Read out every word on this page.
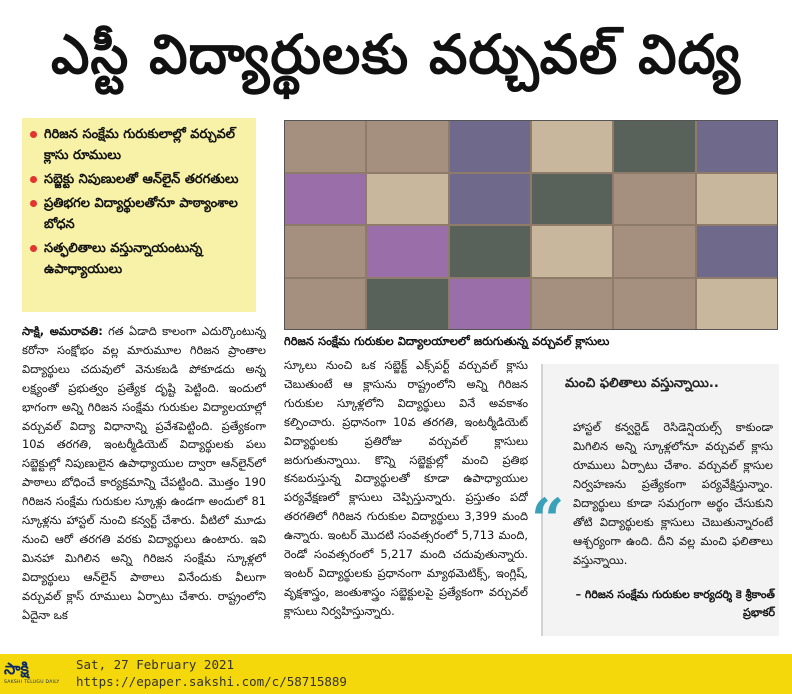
ఎస్టీ విద్యార్థులకు వర్చువల్ విద్య
గిరిజన సంక్షేమ గురుకులాల్లో వర్చువల్ క్లాసు రూములు
సబ్జెక్టు నిపుణులతో ఆన్‌లైన్ తరగతులు
ప్రతిభగల విద్యార్థులతోనూ పాఠ్యాంశాల బోధన
సత్ఫలితాలు వస్తున్నాయంటున్న ఉపాధ్యాయులు
గిరిజన సంక్షేమ గురుకుల విద్యాలయాలలో జరుగుతున్న వర్చువల్ క్లాసులు
సాక్షి, అమరావతి: గత ఏడాది కాలంగా ఎదుర్కొంటున్న కరోనా సంక్షోభం వల్ల మారుమూల గిరిజన ప్రాంతాల విద్యార్థులు చదువులో వెనుకబడి పోకూడదు అన్న లక్ష్యంతో ప్రభుత్వం ప్రత్యేక దృష్టి పెట్టింది. ఇందులో భాగంగా అన్ని గిరిజన సంక్షేమ గురుకుల విద్యాలయాల్లో వర్చువల్ విద్యా విధానాన్ని ప్రవేశపెట్టింది. ప్రత్యేకంగా 10వ తరగతి, ఇంటర్మీడియెట్ విద్యార్థులకు పలు సబ్జెక్టుల్లో నిపుణులైన ఉపాధ్యాయుల ద్వారా ఆన్‌లైన్‌లో పాఠాలు బోధించే కార్యక్రమాన్ని చేపట్టింది. మొత్తం 190 గిరిజన సంక్షేమ గురుకుల స్కూళ్లు ఉండగా అందులో 81 స్కూళ్లను హాస్టల్ నుంచి కన్వర్ట్ చేశారు. వీటిలో మూడు నుంచి ఆరో తరగతి వరకు విద్యార్థులు ఉంటారు. ఇవి మినహా మిగిలిన అన్ని గిరిజన సంక్షేమ స్కూళ్లలో విద్యార్థులు ఆన్‌లైన్ పాఠాలు వినేందుకు వీలుగా వర్చువల్ క్లాస్ రూములు ఏర్పాటు చేశారు. రాష్ట్రంలోని ఏదైనా ఒక
స్కూలు నుంచి ఒక సబ్జెక్ట్ ఎక్స్‌పర్ట్ వర్చువల్ క్లాసు చెబుతుంటే ఆ క్లాసును రాష్ట్రంలోని అన్ని గిరిజన గురుకుల స్కూళ్లలోని విద్యార్థులు వినే అవకాశం కల్పించారు. ప్రధానంగా 10వ తరగతి, ఇంటర్మీడియెట్ విద్యార్థులకు ప్రతిరోజు వర్చువల్ క్లాసులు జరుగుతున్నాయి. కొన్ని సబ్జెక్టుల్లో మంచి ప్రతిభ కనబరుస్తున్న విద్యార్థులతో కూడా ఉపాధ్యాయుల పర్యవేక్షణలో క్లాసులు చెప్పిస్తున్నారు. ప్రస్తుతం పదో తరగతిలో గిరిజన గురుకుల విద్యార్థులు 3,399 మంది ఉన్నారు. ఇంటర్ మొదటి సంవత్సరంలో 5,713 మంది, రెండో సంవత్సరంలో 5,217 మంది చదువుతున్నారు. ఇంటర్ విద్యార్థులకు ప్రధానంగా మ్యాథమెటిక్స్, ఇంగ్లిష్, వృక్షశాస్త్రం, జంతుశాస్త్రం సబ్జెక్టులపై ప్రత్యేకంగా వర్చువల్ క్లాసులు నిర్వహిస్తున్నారు.
మంచి ఫలితాలు వస్తున్నాయి..
“
హాస్టల్ కన్వర్టెడ్ రెసిడెన్షియల్స్ కాకుండా మిగిలిన అన్ని స్కూళ్లలోనూ వర్చువల్ క్లాసు రూములు ఏర్పాటు చేశాం. వర్చువల్ క్లాసుల నిర్వహణను ప్రత్యేకంగా పర్యవేక్షిస్తున్నాం. విద్యార్థులు కూడా సమగ్రంగా అర్థం చేసుకుని తోటి విద్యార్థులకు క్లాసులు చెబుతున్నారంటే ఆశ్చర్యంగా ఉంది. దీని వల్ల మంచి ఫలితాలు వస్తున్నాయి.
– గిరిజన సంక్షేమ గురుకుల కార్యదర్శి కె శ్రీకాంత్ ప్రభాకర్
సాక్షి
SAKSHI TELUGU DAILY
Sat, 27 February 2021
https://epaper.sakshi.com/c/58715889
